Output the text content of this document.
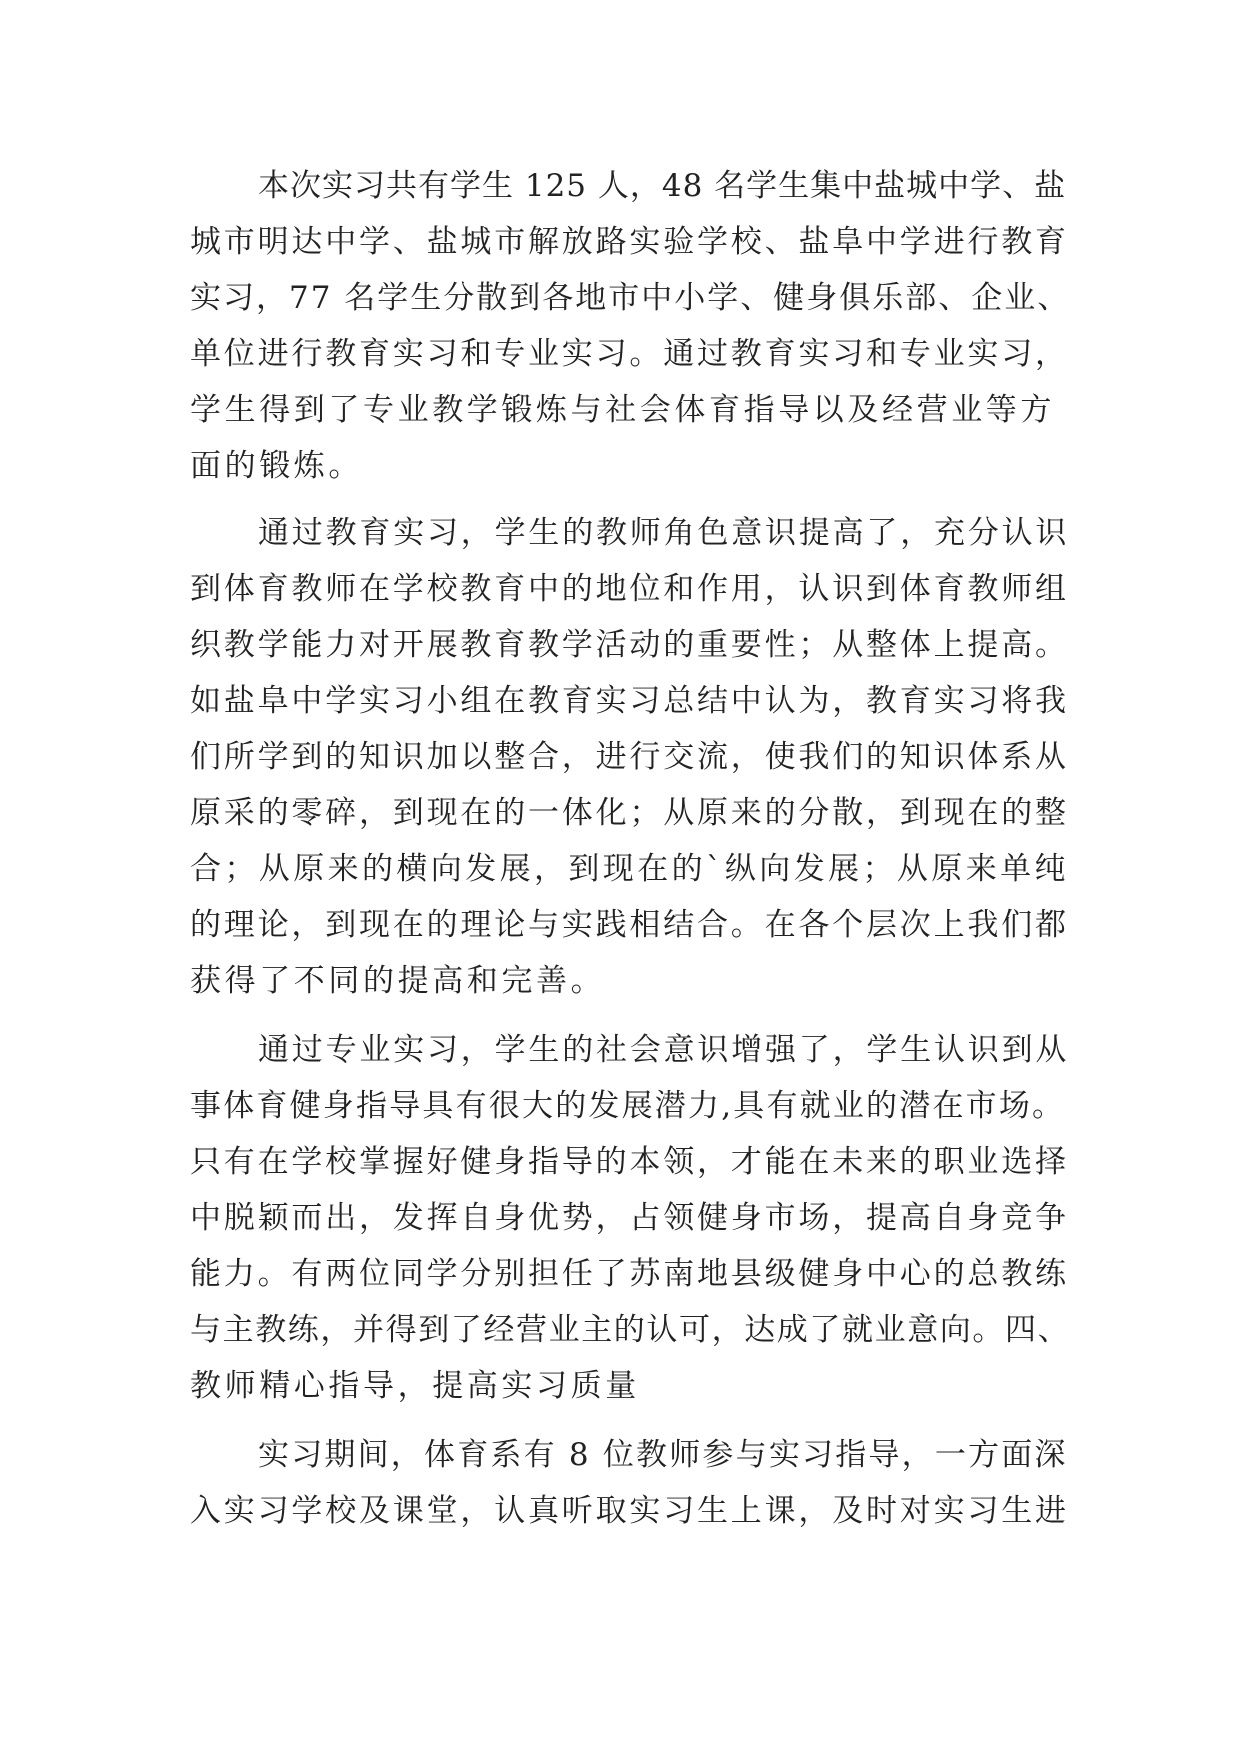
本次实习共有学生 125 人，48 名学生集中盐城中学、盐
城市明达中学、盐城市解放路实验学校、盐阜中学进行教育
实习，77 名学生分散到各地市中小学、健身俱乐部、企业、
单位进行教育实习和专业实习。通过教育实习和专业实习，
学生得到了专业教学锻炼与社会体育指导以及经营业等方
面的锻炼。
通过教育实习，学生的教师角色意识提高了，充分认识
到体育教师在学校教育中的地位和作用，认识到体育教师组
织教学能力对开展教育教学活动的重要性；从整体上提高。
如盐阜中学实习小组在教育实习总结中认为，教育实习将我
们所学到的知识加以整合，进行交流，使我们的知识体系从
原采的零碎，到现在的一体化；从原来的分散，到现在的整
合；从原来的横向发展，到现在的`纵向发展；从原来单纯
的理论，到现在的理论与实践相结合。在各个层次上我们都
获得了不同的提高和完善。
通过专业实习，学生的社会意识增强了，学生认识到从
事体育健身指导具有很大的发展潜力,具有就业的潜在市场。
只有在学校掌握好健身指导的本领，才能在未来的职业选择
中脱颖而出，发挥自身优势，占领健身市场，提高自身竞争
能力。有两位同学分别担任了苏南地县级健身中心的总教练
与主教练，并得到了经营业主的认可，达成了就业意向。四、
教师精心指导，提高实习质量
实习期间，体育系有 8 位教师参与实习指导，一方面深
入实习学校及课堂，认真听取实习生上课，及时对实习生进
